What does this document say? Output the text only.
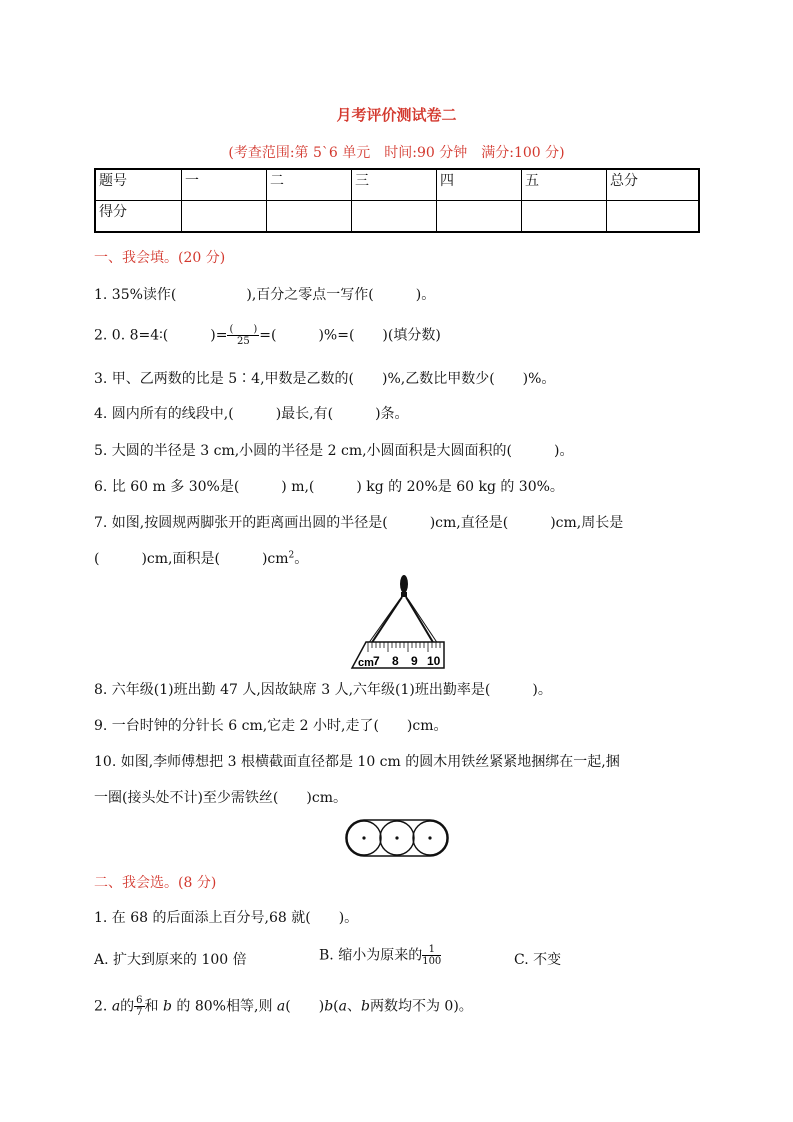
月考评价测试卷二
(考查范围:第 5`6 单元　时间:90 分钟　满分:100 分)
题号	一	二	三	四	五	总分
得分						
一、我会填。(20 分)
1. 35%读作(　　　　　),百分之零点一写作(　　　)。
2. 0. 8=4∶(　　　)= $\frac{( )}{25}$ =(　　　)%=(　　)(填分数)
3. 甲、乙两数的比是 5∶4,甲数是乙数的(　　)%,乙数比甲数少(　　)%。
4. 圆内所有的线段中,(　　　)最长,有(　　　)条。
5. 大圆的半径是 3 cm,小圆的半径是 2 cm,小圆面积是大圆面积的(　　　)。
6. 比 60 m 多 30%是(　　　) m,(　　　) kg 的 20%是 60 kg 的 30%。
7. 如图,按圆规两脚张开的距离画出圆的半径是(　　　)cm,直径是(　　　)cm,周长是
(　　　)cm,面积是(　　　)$cm^2$。
cm 7 8 9 10
8. 六年级(1)班出勤 47 人,因故缺席 3 人,六年级(1)班出勤率是(　　　)。
9. 一台时钟的分针长 6 cm,它走 2 小时,走了(　　)cm。
10. 如图,李师傅想把 3 根横截面直径都是 10 cm 的圆木用铁丝紧紧地捆绑在一起,捆
一圈(接头处不计)至少需铁丝(　　)cm。
二、我会选。(8 分)
1. 在 68 的后面添上百分号,68 就(　　)。
A. 扩大到原来的 100 倍	B. 缩小为原来的 $\frac{1}{100}$	C. 不变
2. a的 $\frac{6}{7}$ 和 b 的 80%相等,则 a(　　)b(a、b两数均不为 0)。
